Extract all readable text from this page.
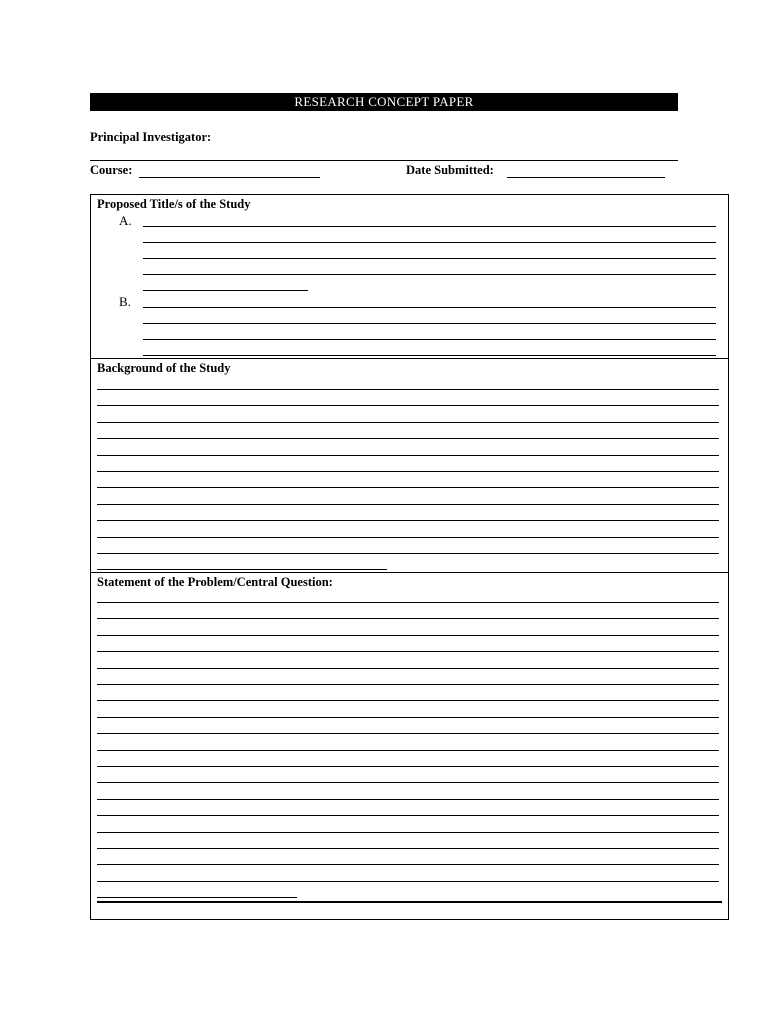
RESEARCH CONCEPT PAPER
Principal Investigator:
Course:	Date Submitted:
Proposed Title/s of the Study
A.
B.
Background of the Study
Statement of the Problem/Central Question:
